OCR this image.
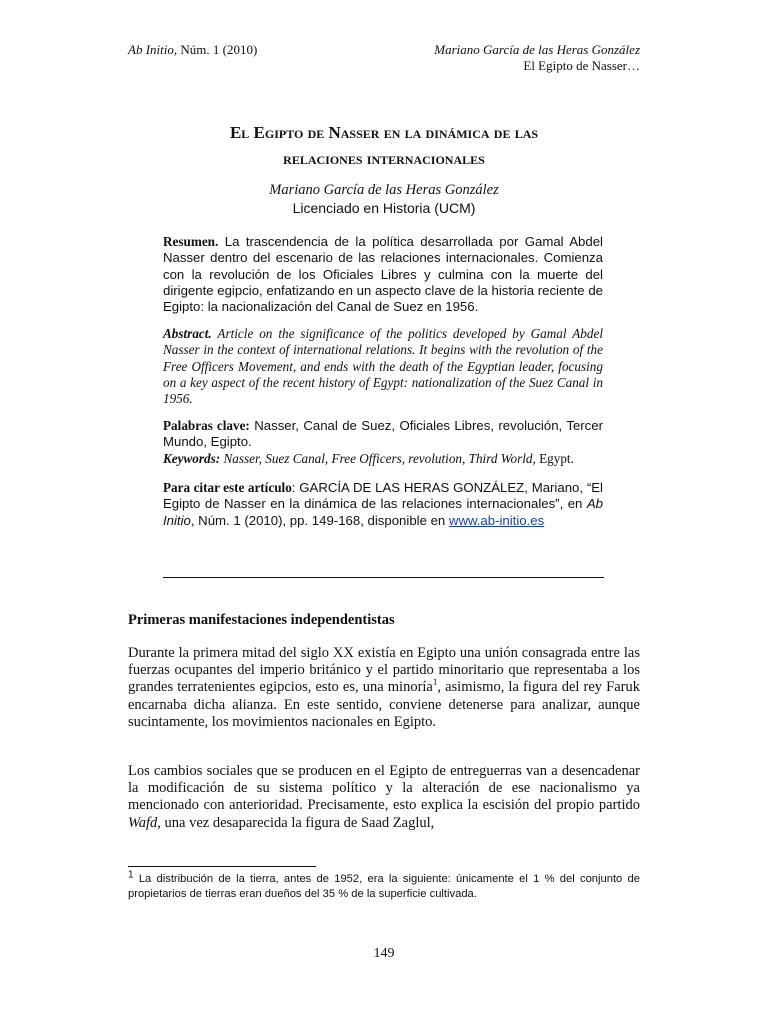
Ab Initio, Núm. 1 (2010)	Mariano García de las Heras González
El Egipto de Nasser…
El Egipto de Nasser en la dinámica de las
relaciones internacionales
Mariano García de las Heras González
Licenciado en Historia (UCM)
Resumen. La trascendencia de la política desarrollada por Gamal Abdel Nasser dentro del escenario de las relaciones internacionales. Comienza con la revolución de los Oficiales Libres y culmina con la muerte del dirigente egipcio, enfatizando en un aspecto clave de la historia reciente de Egipto: la nacionalización del Canal de Suez en 1956.
Abstract. Article on the significance of the politics developed by Gamal Abdel Nasser in the context of international relations. It begins with the revolution of the Free Officers Movement, and ends with the death of the Egyptian leader, focusing on a key aspect of the recent history of Egypt: nationalization of the Suez Canal in 1956.
Palabras clave: Nasser, Canal de Suez, Oficiales Libres, revolución, Tercer Mundo, Egipto.
Keywords: Nasser, Suez Canal, Free Officers, revolution, Third World, Egypt.
Para citar este artículo: GARCÍA DE LAS HERAS GONZÁLEZ, Mariano, “El Egipto de Nasser en la dinámica de las relaciones internacionales”, en Ab Initio, Núm. 1 (2010), pp. 149-168, disponible en www.ab-initio.es
Primeras manifestaciones independentistas
Durante la primera mitad del siglo XX existía en Egipto una unión consagrada entre las fuerzas ocupantes del imperio británico y el partido minoritario que representaba a los grandes terratenientes egipcios, esto es, una minoría$^1$, asimismo, la figura del rey Faruk encarnaba dicha alianza. En este sentido, conviene detenerse para analizar, aunque sucintamente, los movimientos nacionales en Egipto.
Los cambios sociales que se producen en el Egipto de entreguerras van a desencadenar la modificación de su sistema político y la alteración de ese nacionalismo ya mencionado con anterioridad. Precisamente, esto explica la escisión del propio partido Wafd, una vez desaparecida la figura de Saad Zaglul,
$^1$ La distribución de la tierra, antes de 1952, era la siguiente: únicamente el 1 % del conjunto de propietarios de tierras eran dueños del 35 % de la superficie cultivada.
149
